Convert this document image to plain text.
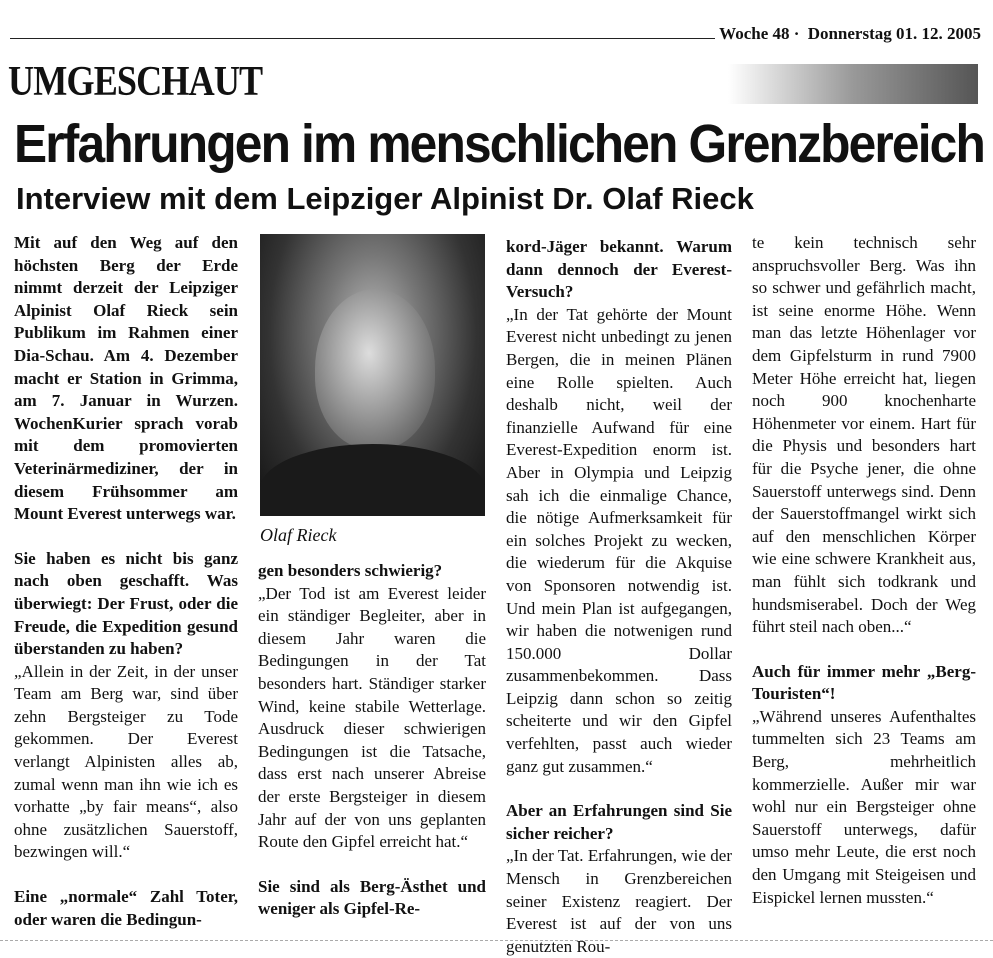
Woche 48 · Donnerstag 01. 12. 2005
UMGESCHAUT
Erfahrungen im menschlichen Grenzbereich
Interview mit dem Leipziger Alpinist Dr. Olaf Rieck

Mit auf den Weg auf den höchsten Berg der Erde nimmt derzeit der Leipziger Alpinist Olaf Rieck sein Publikum im Rahmen einer Dia-Schau. Am 4. Dezember macht er Station in Grimma, am 7. Januar in Wurzen. WochenKurier sprach vorab mit dem promovierten Veterinärmediziner, der in diesem Frühsommer am Mount Everest unterwegs war.

Sie haben es nicht bis ganz nach oben geschafft. Was überwiegt: Der Frust, oder die Freude, die Expedition gesund überstanden zu haben?

„Allein in der Zeit, in der unser Team am Berg war, sind über zehn Bergsteiger zu Tode gekommen. Der Everest verlangt Alpinisten alles ab, zumal wenn man ihn wie ich es vorhatte „by fair means“, also ohne zusätzlichen Sauerstoff, bezwingen will.“

Eine „normale“ Zahl Toter, oder waren die Bedingun-

Olaf Rieck

gen besonders schwierig?

„Der Tod ist am Everest leider ein ständiger Begleiter, aber in diesem Jahr waren die Bedingungen in der Tat besonders hart. Ständiger starker Wind, keine stabile Wetterlage. Ausdruck dieser schwierigen Bedingungen ist die Tatsache, dass erst nach unserer Abreise der erste Bergsteiger in diesem Jahr auf der von uns geplanten Route den Gipfel erreicht hat.“

Sie sind als Berg-Ästhet und weniger als Gipfel-Re-

kord-Jäger bekannt. Warum dann dennoch der Everest-Versuch?

„In der Tat gehörte der Mount Everest nicht unbedingt zu jenen Bergen, die in meinen Plänen eine Rolle spielten. Auch deshalb nicht, weil der finanzielle Aufwand für eine Everest-Expedition enorm ist. Aber in Olympia und Leipzig sah ich die einmalige Chance, die nötige Aufmerksamkeit für ein solches Projekt zu wecken, die wiederum für die Akquise von Sponsoren notwendig ist. Und mein Plan ist aufgegangen, wir haben die notwenigen rund 150.000 Dollar zusammenbekommen. Dass Leipzig dann schon so zeitig scheiterte und wir den Gipfel verfehlten, passt auch wieder ganz gut zusammen.“

Aber an Erfahrungen sind Sie sicher reicher?

„In der Tat. Erfahrungen, wie der Mensch in Grenzbereichen seiner Existenz reagiert. Der Everest ist auf der von uns genutzten Rou-

te kein technisch sehr anspruchsvoller Berg. Was ihn so schwer und gefährlich macht, ist seine enorme Höhe. Wenn man das letzte Höhenlager vor dem Gipfelsturm in rund 7900 Meter Höhe erreicht hat, liegen noch 900 knochenharte Höhenmeter vor einem. Hart für die Physis und besonders hart für die Psyche jener, die ohne Sauerstoff unterwegs sind. Denn der Sauerstoffmangel wirkt sich auf den menschlichen Körper wie eine schwere Krankheit aus, man fühlt sich todkrank und hundsmiserabel. Doch der Weg führt steil nach oben...“

Auch für immer mehr „Berg-Touristen“!

„Während unseres Aufenthaltes tummelten sich 23 Teams am Berg, mehrheitlich kommerzielle. Außer mir war wohl nur ein Bergsteiger ohne Sauerstoff unterwegs, dafür umso mehr Leute, die erst noch den Umgang mit Steigeisen und Eispickel lernen mussten.“
